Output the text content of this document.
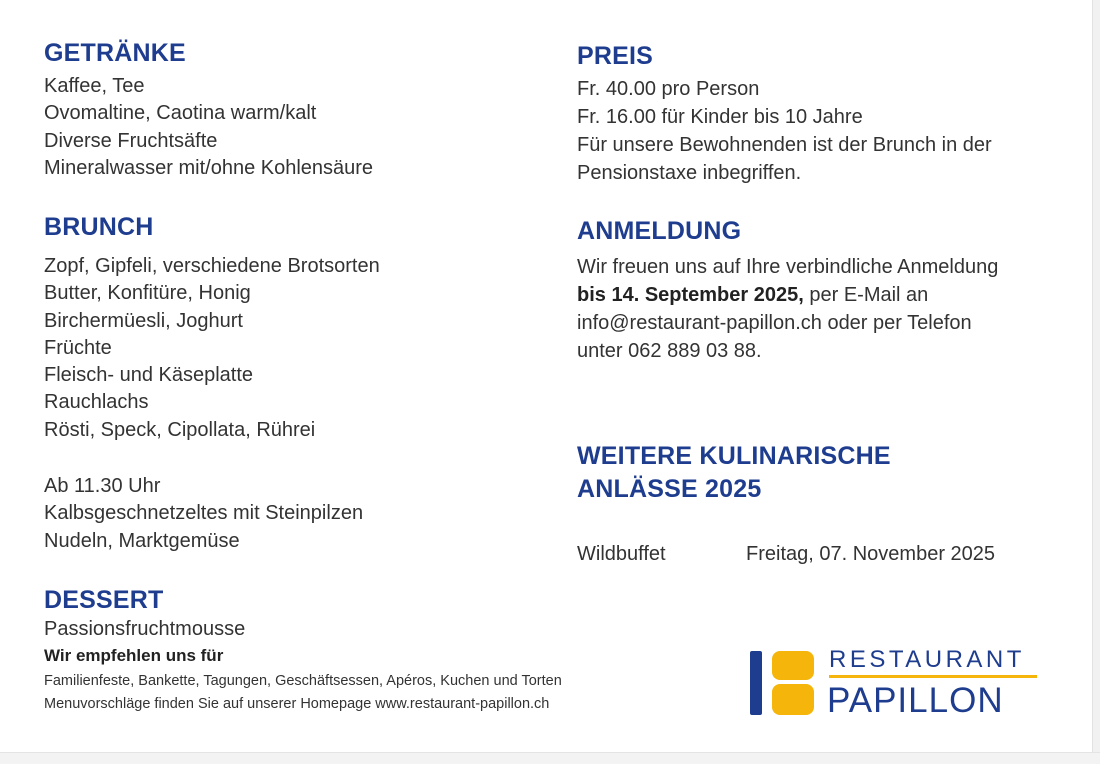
GETRÄNKE
Kaffee, Tee
Ovomaltine, Caotina warm/kalt
Diverse Fruchtsäfte
Mineralwasser mit/ohne Kohlensäure
BRUNCH
Zopf, Gipfeli, verschiedene Brotsorten
Butter, Konfitüre, Honig
Birchermüesli, Joghurt
Früchte
Fleisch- und Käseplatte
Rauchlachs
Rösti, Speck, Cipollata, Rührei
Ab 11.30 Uhr
Kalbsgeschnetzeltes mit Steinpilzen
Nudeln, Marktgemüse
DESSERT
Passionsfruchtmousse
Wir empfehlen uns für
Familienfeste, Bankette, Tagungen, Geschäftsessen, Apéros, Kuchen und Torten
Menuvorschläge finden Sie auf unserer Homepage www.restaurant-papillon.ch
PREIS
Fr. 40.00 pro Person
Fr. 16.00 für Kinder bis 10 Jahre
Für unsere Bewohnenden ist der Brunch in der
Pensionstaxe inbegriffen.
ANMELDUNG
Wir freuen uns auf Ihre verbindliche Anmeldung
bis 14. September 2025, per E-Mail an
info@restaurant-papillon.ch oder per Telefon
unter 062 889 03 88.
WEITERE KULINARISCHE
ANLÄSSE 2025
Wildbuffet	Freitag, 07. November 2025
RESTAURANT
PAPILLON
